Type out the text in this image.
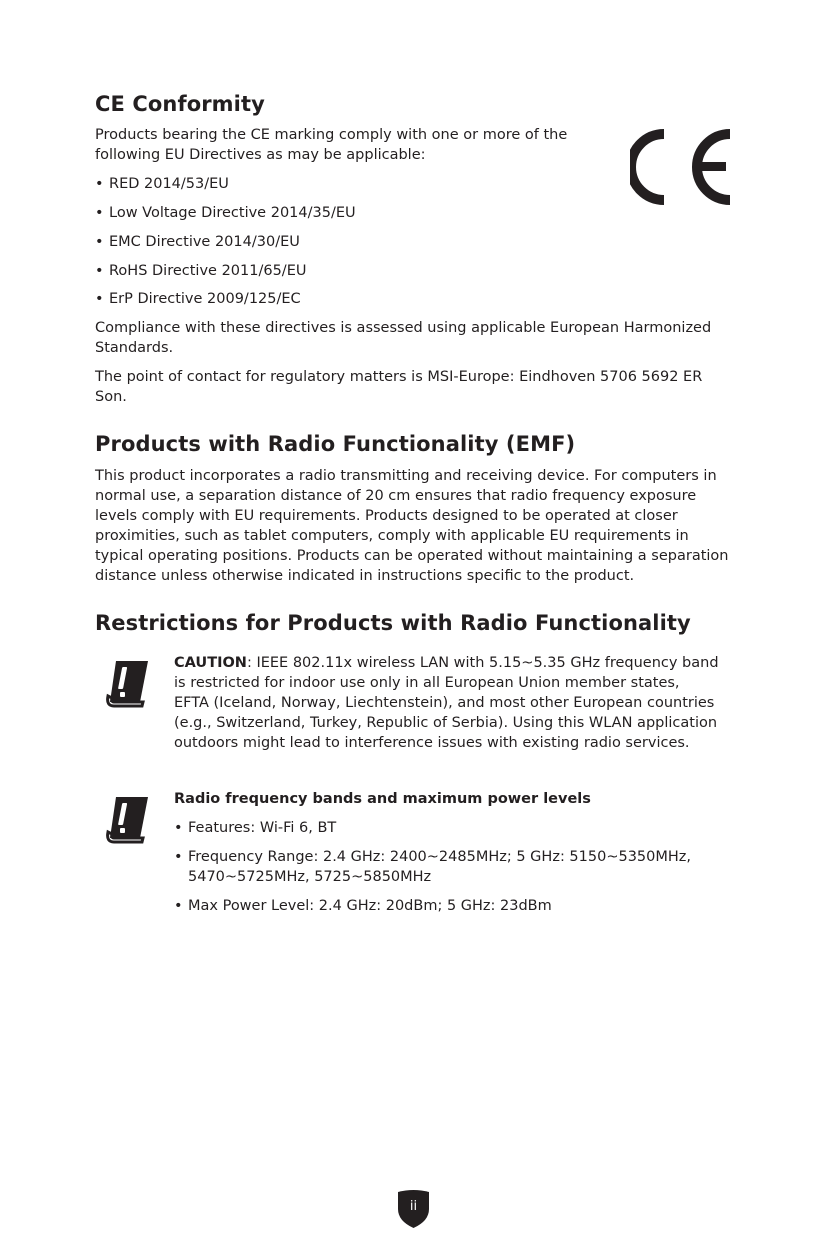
CE Conformity

Products bearing the CE marking comply with one or more of the following EU Directives as may be applicable:

• RED 2014/53/EU
• Low Voltage Directive 2014/35/EU
• EMC Directive 2014/30/EU
• RoHS Directive 2011/65/EU
• ErP Directive 2009/125/EC

Compliance with these directives is assessed using applicable European Harmonized Standards.

The point of contact for regulatory matters is MSI-Europe: Eindhoven 5706 5692 ER Son.

Products with Radio Functionality (EMF)

This product incorporates a radio transmitting and receiving device. For computers in normal use, a separation distance of 20 cm ensures that radio frequency exposure levels comply with EU requirements. Products designed to be operated at closer proximities, such as tablet computers, comply with applicable EU requirements in typical operating positions. Products can be operated without maintaining a separation distance unless otherwise indicated in instructions specific to the product.

Restrictions for Products with Radio Functionality

CAUTION: IEEE 802.11x wireless LAN with 5.15~5.35 GHz frequency band is restricted for indoor use only in all European Union member states, EFTA (Iceland, Norway, Liechtenstein), and most other European countries (e.g., Switzerland, Turkey, Republic of Serbia). Using this WLAN application outdoors might lead to interference issues with existing radio services.

Radio frequency bands and maximum power levels

• Features: Wi-Fi 6, BT
• Frequency Range: 2.4 GHz: 2400~2485MHz; 5 GHz: 5150~5350MHz, 5470~5725MHz, 5725~5850MHz
• Max Power Level: 2.4 GHz: 20dBm; 5 GHz: 23dBm
ii
